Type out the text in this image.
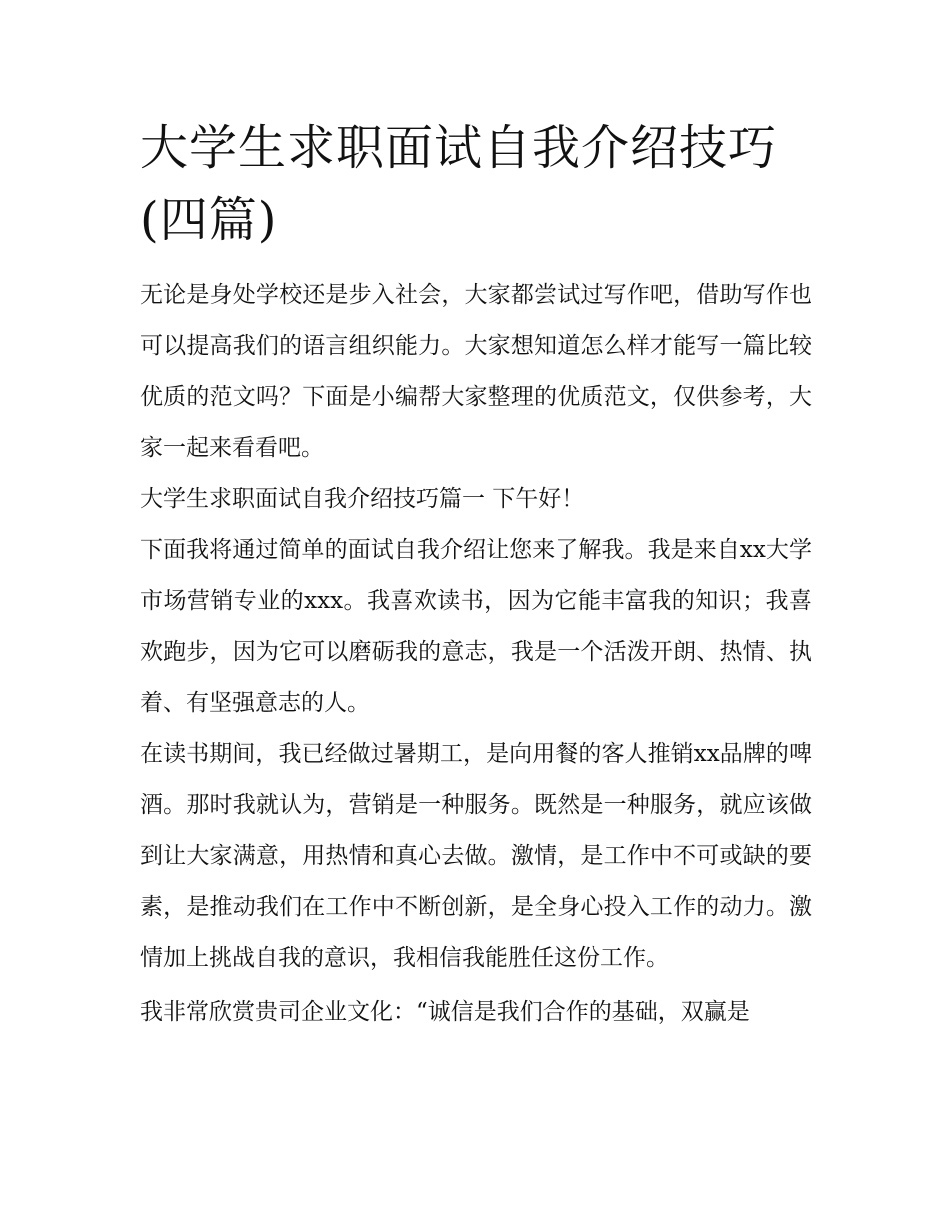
大学生求职面试自我介绍技巧(四篇)

无论是身处学校还是步入社会，大家都尝试过写作吧，借助写作也可以提高我们的语言组织能力。大家想知道怎么样才能写一篇比较优质的范文吗？下面是小编帮大家整理的优质范文，仅供参考，大家一起来看看吧。

大学生求职面试自我介绍技巧篇一 下午好！

下面我将通过简单的面试自我介绍让您来了解我。我是来自xx大学市场营销专业的xxx。我喜欢读书，因为它能丰富我的知识；我喜欢跑步，因为它可以磨砺我的意志，我是一个活泼开朗、热情、执着、有坚强意志的人。

在读书期间，我已经做过暑期工，是向用餐的客人推销xx品牌的啤酒。那时我就认为，营销是一种服务。既然是一种服务，就应该做到让大家满意，用热情和真心去做。激情，是工作中不可或缺的要素，是推动我们在工作中不断创新，是全身心投入工作的动力。激情加上挑战自我的意识，我相信我能胜任这份工作。

我非常欣赏贵司企业文化：“诚信是我们合作的基础，双赢是
